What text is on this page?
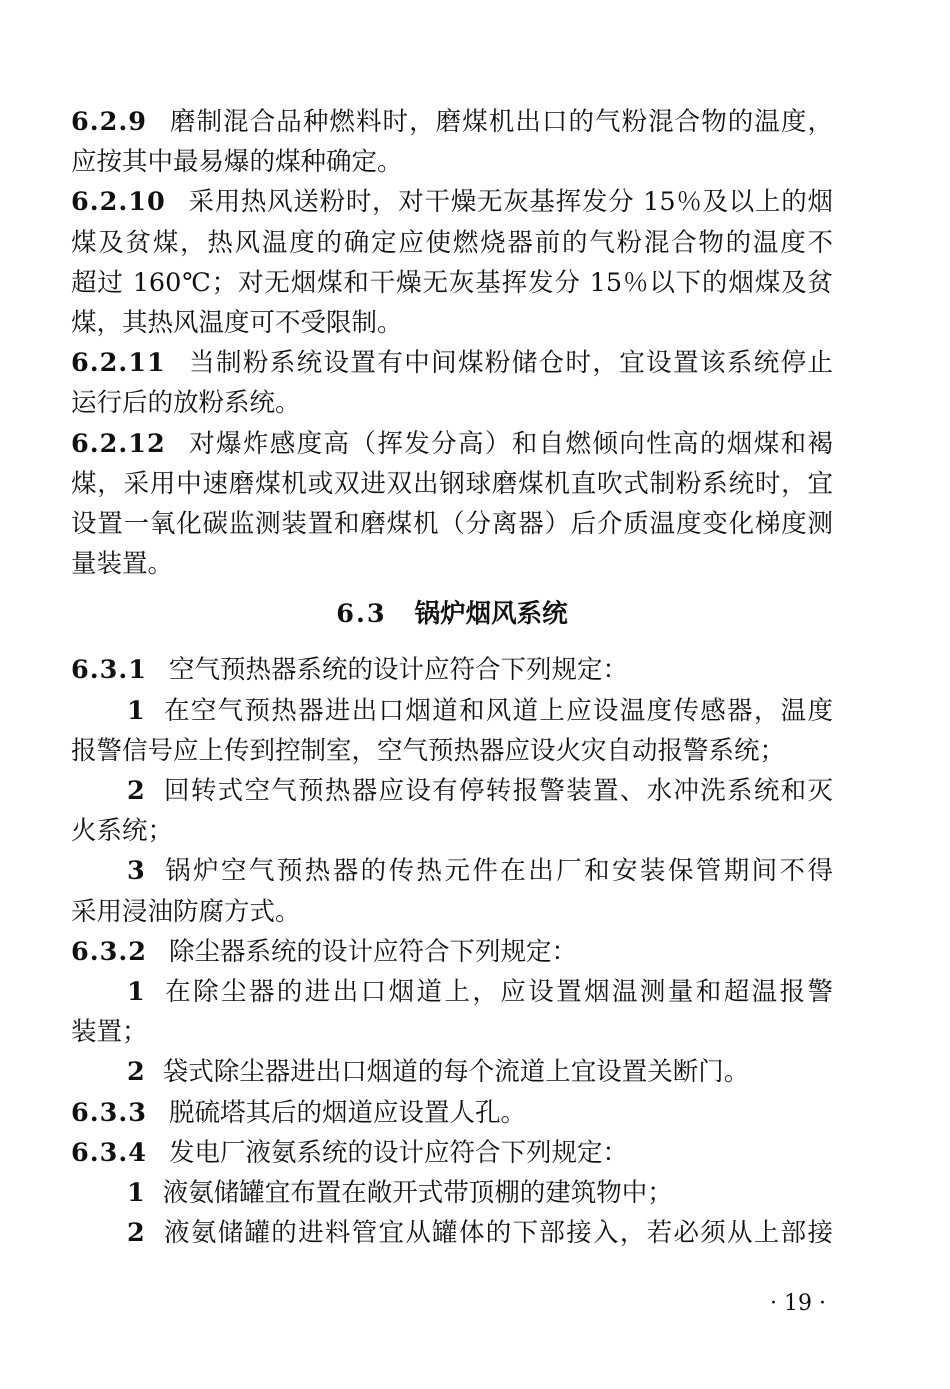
6.2.9 磨制混合品种燃料时，磨煤机出口的气粉混合物的温度，
应按其中最易爆的煤种确定。
6.2.10 采用热风送粉时，对干燥无灰基挥发分 15％及以上的烟
煤及贫煤，热风温度的确定应使燃烧器前的气粉混合物的温度不
超过 160℃；对无烟煤和干燥无灰基挥发分 15％以下的烟煤及贫
煤，其热风温度可不受限制。
6.2.11 当制粉系统设置有中间煤粉储仓时，宜设置该系统停止
运行后的放粉系统。
6.2.12 对爆炸感度高（挥发分高）和自燃倾向性高的烟煤和褐
煤，采用中速磨煤机或双进双出钢球磨煤机直吹式制粉系统时，宜
设置一氧化碳监测装置和磨煤机（分离器）后介质温度变化梯度测
量装置。
6.3 锅炉烟风系统
6.3.1 空气预热器系统的设计应符合下列规定：
1 在空气预热器进出口烟道和风道上应设温度传感器，温度
报警信号应上传到控制室，空气预热器应设火灾自动报警系统；
2 回转式空气预热器应设有停转报警装置、水冲洗系统和灭
火系统；
3 锅炉空气预热器的传热元件在出厂和安装保管期间不得
采用浸油防腐方式。
6.3.2 除尘器系统的设计应符合下列规定：
1 在除尘器的进出口烟道上，应设置烟温测量和超温报警
装置；
2 袋式除尘器进出口烟道的每个流道上宜设置关断门。
6.3.3 脱硫塔其后的烟道应设置人孔。
6.3.4 发电厂液氨系统的设计应符合下列规定：
1 液氨储罐宜布置在敞开式带顶棚的建筑物中；
2 液氨储罐的进料管宜从罐体的下部接入，若必须从上部接
· 19 ·
